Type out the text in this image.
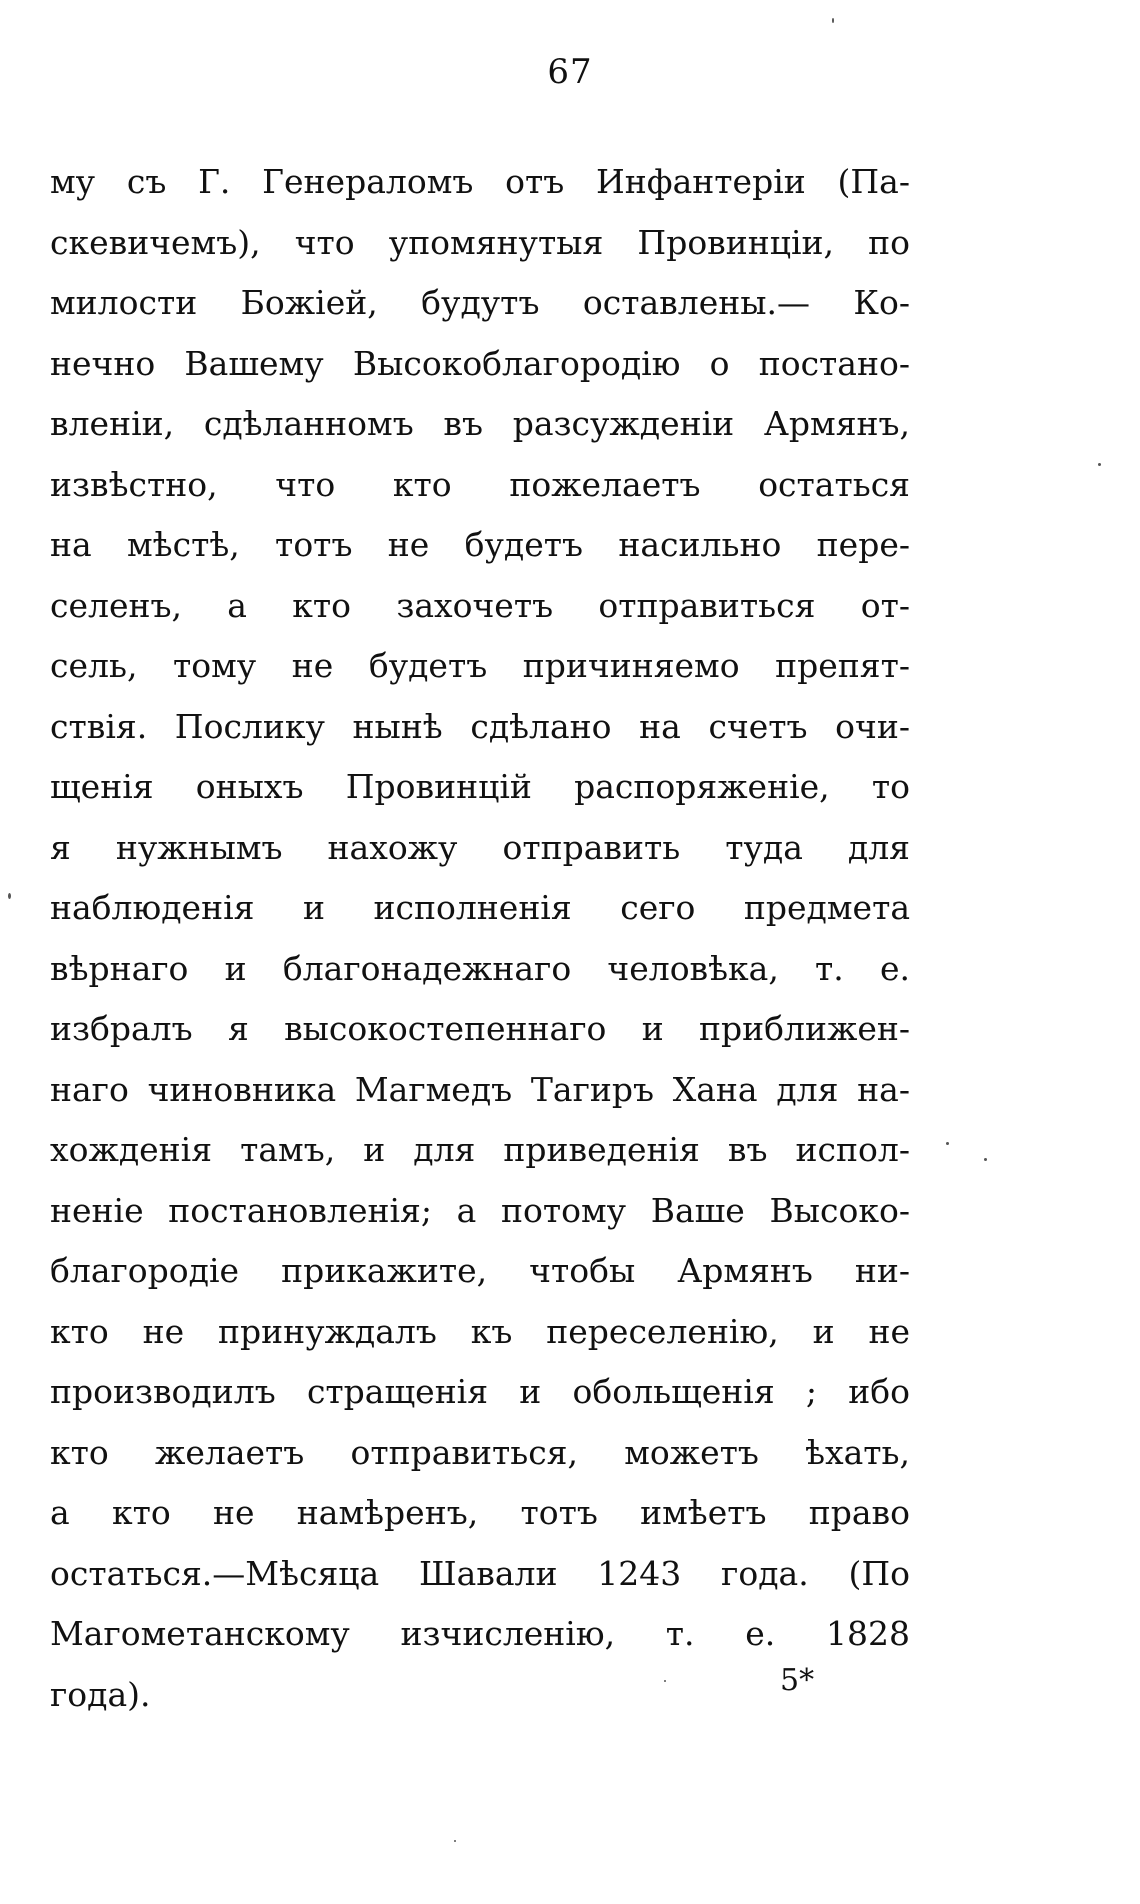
67
му съ Г. Генераломъ отъ Инфантеріи (Па-
скевичемъ), что упомянутыя Провинціи, по
милости Божіей, будутъ оставлены.— Ко-
нечно Вашему Высокоблагородію о постано-
вленіи, сдѣланномъ въ разсужденіи Армянъ,
извѣстно, что кто пожелаетъ остаться
на мѣстѣ, тотъ не будетъ насильно пере-
селенъ, а кто захочетъ отправиться от-
сель, тому не будетъ причиняемо препят-
ствія. Послику нынѣ сдѣлано на счетъ очи-
щенія оныхъ Провинцій распоряженіе, то
я нужнымъ нахожу отправить туда для
наблюденія и исполненія сего предмета
вѣрнаго и благонадежнаго человѣка, т. е.
избралъ я высокостепеннаго и приближен-
наго чиновника Магмедъ Тагиръ Хана для на-
хожденія тамъ, и для приведенія въ испол-
неніе постановленія; а потому Ваше Высоко-
благородіе прикажите, чтобы Армянъ ни-
кто не принуждалъ къ переселенію, и не
производилъ стращенія и обольщенія ; ибо
кто желаетъ отправиться, можетъ ѣхать,
а кто не намѣренъ, тотъ имѣетъ право
остаться.—Мѣсяца Шавали 1243 года. (По
Магометанскому изчисленію, т. е. 1828
года).	5*
